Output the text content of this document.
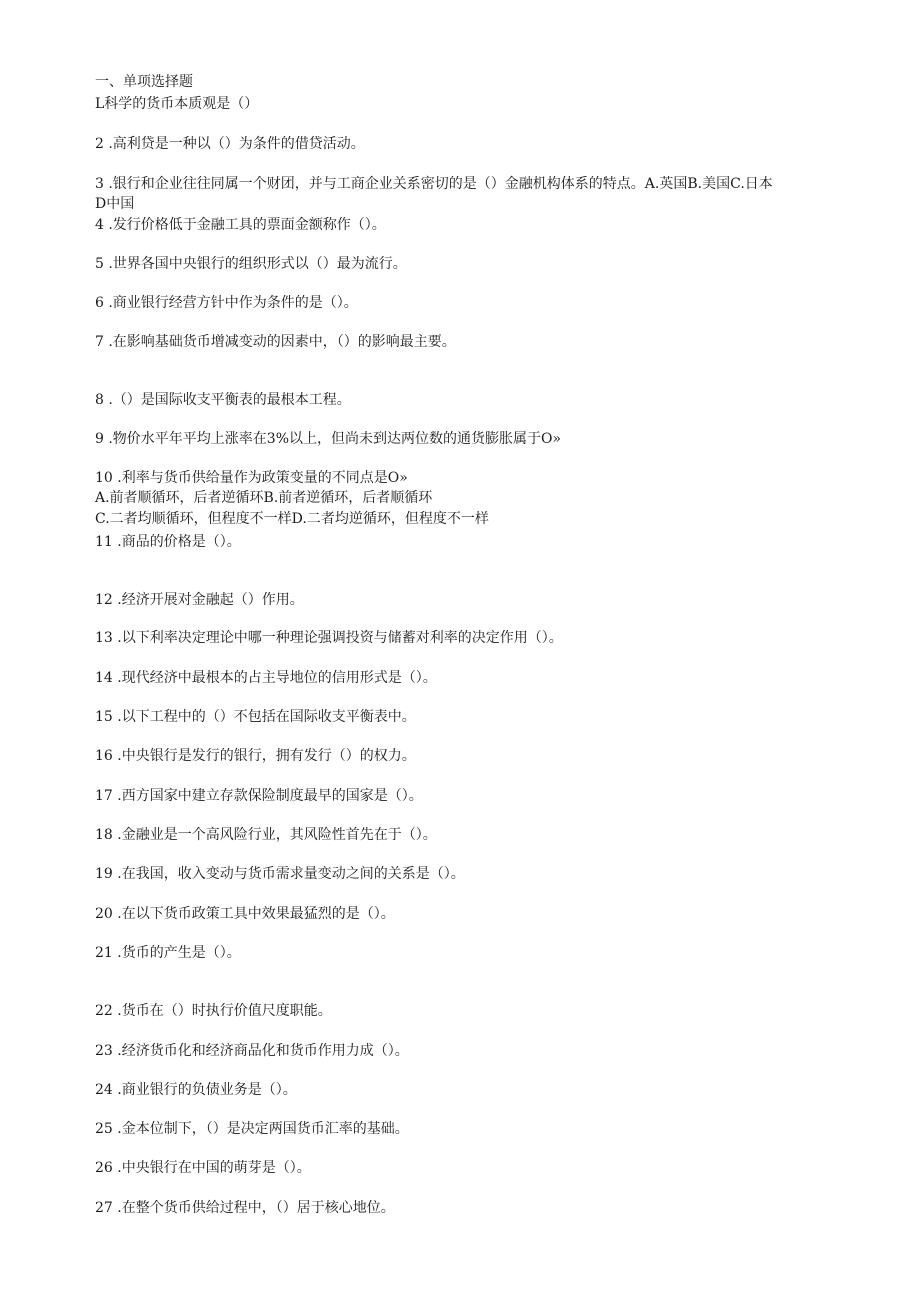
一、单项选择题
L科学的货币本质观是（）
2 .高利贷是一种以（）为条件的借贷活动。
3 .银行和企业往往同属一个财团，并与工商企业关系密切的是（）金融机构体系的特点。A.英国B.美国C.日本
D中国
4 .发行价格低于金融工具的票面金额称作（）。
5 .世界各国中央银行的组织形式以（）最为流行。
6 .商业银行经营方针中作为条件的是（）。
7 .在影响基础货币增减变动的因素中，（）的影响最主要。
8 .（）是国际收支平衡表的最根本工程。
9 .物价水平年平均上涨率在3%以上，但尚未到达两位数的通货膨胀属于O»
10 .利率与货币供给量作为政策变量的不同点是O»
A.前者顺循环，后者逆循环B.前者逆循环，后者顺循环
C.二者均顺循环，但程度不一样D.二者均逆循环，但程度不一样
11 .商品的价格是（）。
12 .经济开展对金融起（）作用。
13 .以下利率决定理论中哪一种理论强调投资与储蓄对利率的决定作用（）。
14 .现代经济中最根本的占主导地位的信用形式是（）。
15 .以下工程中的（）不包括在国际收支平衡表中。
16 .中央银行是发行的银行，拥有发行（）的权力。
17 .西方国家中建立存款保险制度最早的国家是（）。
18 .金融业是一个高风险行业，其风险性首先在于（）。
19 .在我国，收入变动与货币需求量变动之间的关系是（）。
20 .在以下货币政策工具中效果最猛烈的是（）。
21 .货币的产生是（）。
22 .货币在（）时执行价值尺度职能。
23 .经济货币化和经济商品化和货币作用力成（）。
24 .商业银行的负债业务是（）。
25 .金本位制下，（）是决定两国货币汇率的基础。
26 .中央银行在中国的萌芽是（）。
27 .在整个货币供给过程中，（）居于核心地位。
